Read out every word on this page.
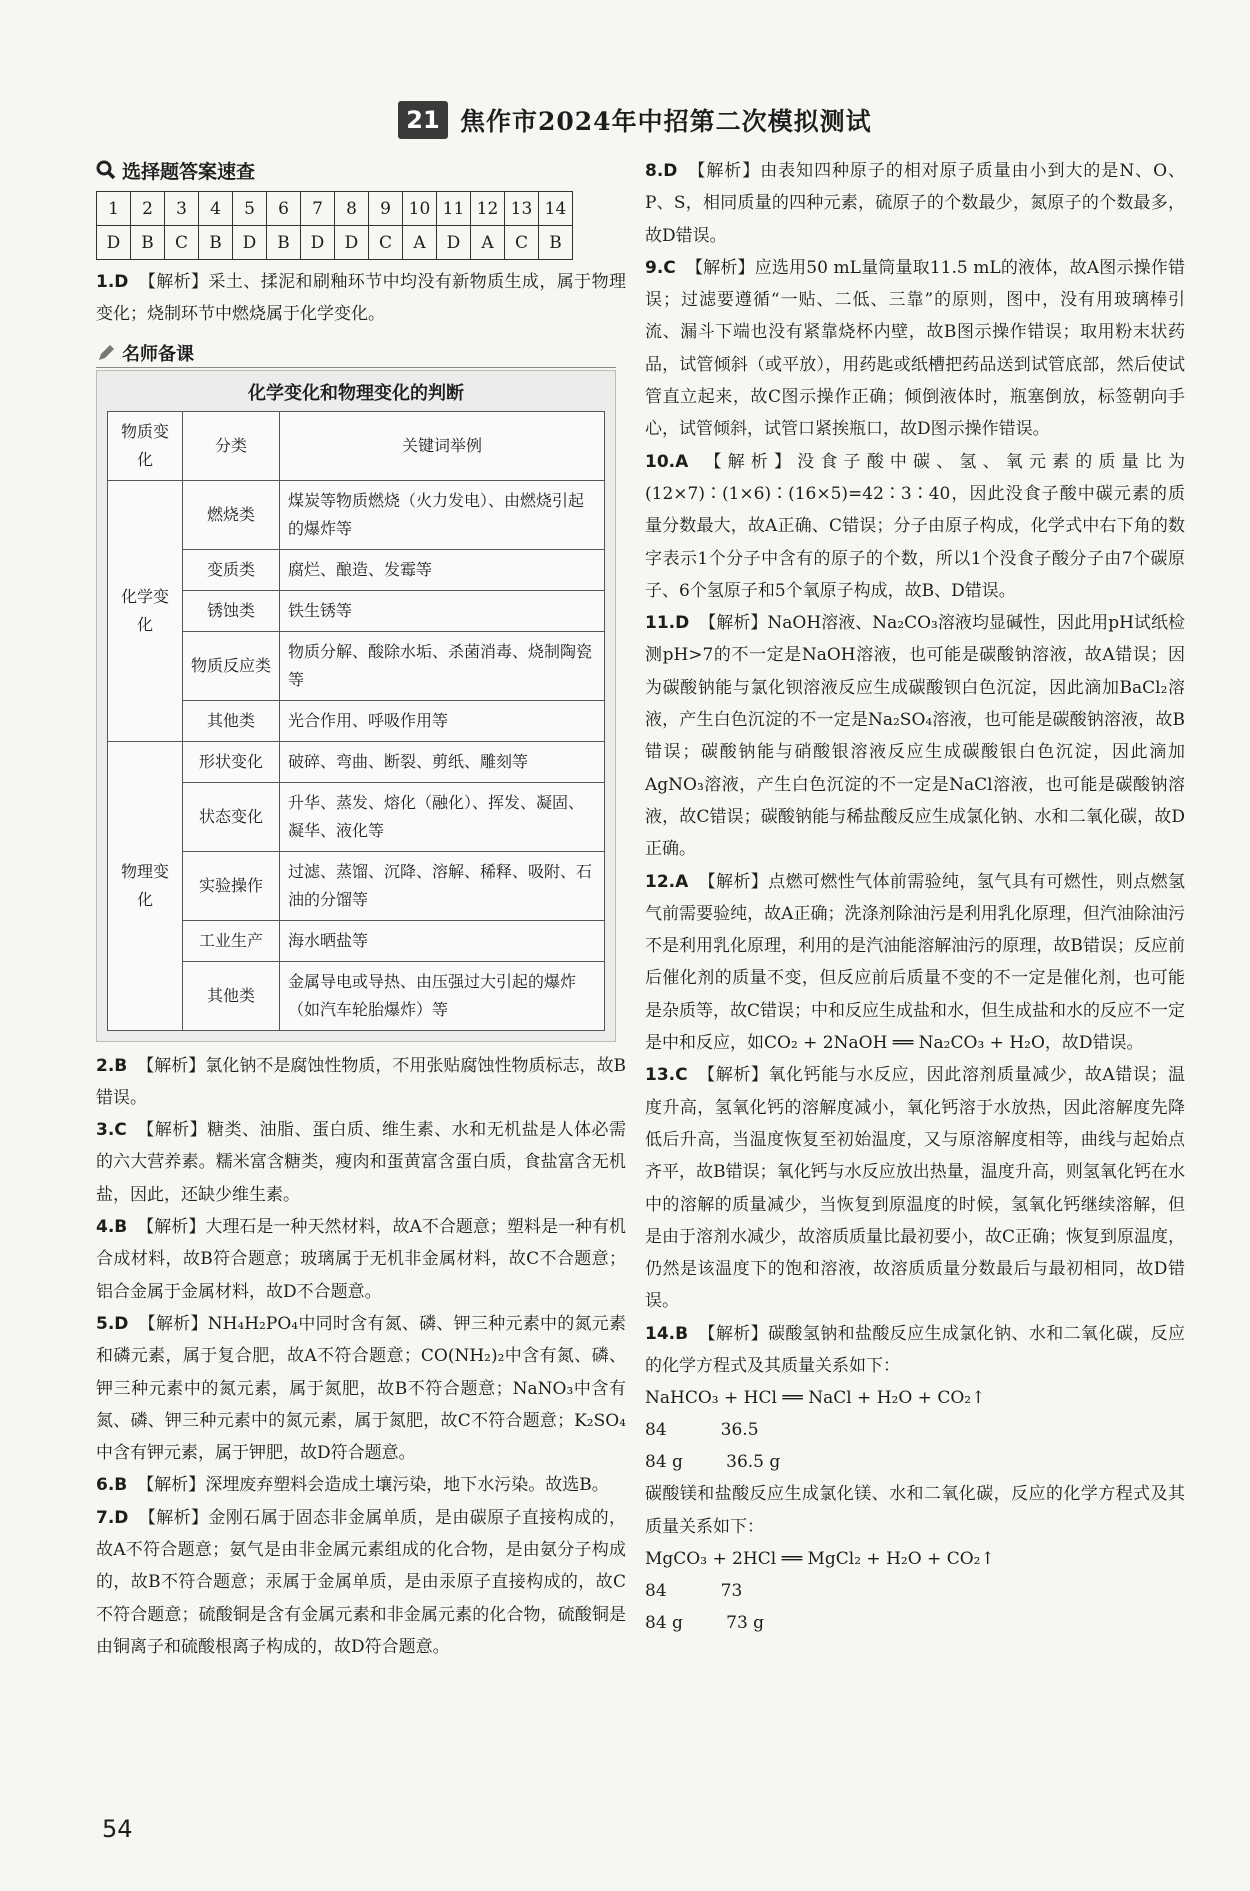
21 焦作市2024年中招第二次模拟测试
选择题答案速查
1	2	3	4	5	6	7	8	9	10	11	12	13	14
D	B	C	B	D	B	D	D	C	A	D	A	C	B

1.D 【解析】采土、揉泥和刷釉环节中均没有新物质生成，属于物理变化；烧制环节中燃烧属于化学变化。

名师备课
化学变化和物理变化的判断
物质变化	分类	关键词举例
化学变化	燃烧类	煤炭等物质燃烧（火力发电）、由燃烧引起的爆炸等
	变质类	腐烂、酿造、发霉等
	锈蚀类	铁生锈等
	物质反应类	物质分解、酸除水垢、杀菌消毒、烧制陶瓷等
	其他类	光合作用、呼吸作用等
物理变化	形状变化	破碎、弯曲、断裂、剪纸、雕刻等
	状态变化	升华、蒸发、熔化（融化）、挥发、凝固、凝华、液化等
	实验操作	过滤、蒸馏、沉降、溶解、稀释、吸附、石油的分馏等
	工业生产	海水晒盐等
	其他类	金属导电或导热、由压强过大引起的爆炸（如汽车轮胎爆炸）等

2.B 【解析】氯化钠不是腐蚀性物质，不用张贴腐蚀性物质标志，故B错误。

3.C 【解析】糖类、油脂、蛋白质、维生素、水和无机盐是人体必需的六大营养素。糯米富含糖类，瘦肉和蛋黄富含蛋白质，食盐富含无机盐，因此，还缺少维生素。

4.B 【解析】大理石是一种天然材料，故A不合题意；塑料是一种有机合成材料，故B符合题意；玻璃属于无机非金属材料，故C不合题意；铝合金属于金属材料，故D不合题意。

5.D 【解析】NH₄H₂PO₄中同时含有氮、磷、钾三种元素中的氮元素和磷元素，属于复合肥，故A不符合题意；CO(NH₂)₂中含有氮、磷、钾三种元素中的氮元素，属于氮肥，故B不符合题意；NaNO₃中含有氮、磷、钾三种元素中的氮元素，属于氮肥，故C不符合题意；K₂SO₄中含有钾元素，属于钾肥，故D符合题意。

6.B 【解析】深埋废弃塑料会造成土壤污染，地下水污染。故选B。

7.D 【解析】金刚石属于固态非金属单质，是由碳原子直接构成的，故A不符合题意；氨气是由非金属元素组成的化合物，是由氨分子构成的，故B不符合题意；汞属于金属单质，是由汞原子直接构成的，故C不符合题意；硫酸铜是含有金属元素和非金属元素的化合物，硫酸铜是由铜离子和硫酸根离子构成的，故D符合题意。

8.D 【解析】由表知四种原子的相对原子质量由小到大的是N、O、P、S，相同质量的四种元素，硫原子的个数最少，氮原子的个数最多，故D错误。

9.C 【解析】应选用50 mL量筒量取11.5 mL的液体，故A图示操作错误；过滤要遵循“一贴、二低、三靠”的原则，图中，没有用玻璃棒引流、漏斗下端也没有紧靠烧杯内壁，故B图示操作错误；取用粉末状药品，试管倾斜（或平放），用药匙或纸槽把药品送到试管底部，然后使试管直立起来，故C图示操作正确；倾倒液体时，瓶塞倒放，标签朝向手心，试管倾斜，试管口紧挨瓶口，故D图示操作错误。

10.A 【解析】没食子酸中碳、氢、氧元素的质量比为(12×7)∶(1×6)∶(16×5)=42∶3∶40，因此没食子酸中碳元素的质量分数最大，故A正确、C错误；分子由原子构成，化学式中右下角的数字表示1个分子中含有的原子的个数，所以1个没食子酸分子由7个碳原子、6个氢原子和5个氧原子构成，故B、D错误。

11.D 【解析】NaOH溶液、Na₂CO₃溶液均显碱性，因此用pH试纸检测pH>7的不一定是NaOH溶液，也可能是碳酸钠溶液，故A错误；因为碳酸钠能与氯化钡溶液反应生成碳酸钡白色沉淀，因此滴加BaCl₂溶液，产生白色沉淀的不一定是Na₂SO₄溶液，也可能是碳酸钠溶液，故B错误；碳酸钠能与硝酸银溶液反应生成碳酸银白色沉淀，因此滴加AgNO₃溶液，产生白色沉淀的不一定是NaCl溶液，也可能是碳酸钠溶液，故C错误；碳酸钠能与稀盐酸反应生成氯化钠、水和二氧化碳，故D正确。

12.A 【解析】点燃可燃性气体前需验纯，氢气具有可燃性，则点燃氢气前需要验纯，故A正确；洗涤剂除油污是利用乳化原理，但汽油除油污不是利用乳化原理，利用的是汽油能溶解油污的原理，故B错误；反应前后催化剂的质量不变，但反应前后质量不变的不一定是催化剂，也可能是杂质等，故C错误；中和反应生成盐和水，但生成盐和水的反应不一定是中和反应，如CO₂ + 2NaOH ══ Na₂CO₃ + H₂O，故D错误。

13.C 【解析】氧化钙能与水反应，因此溶剂质量减少，故A错误；温度升高，氢氧化钙的溶解度减小，氧化钙溶于水放热，因此溶解度先降低后升高，当温度恢复至初始温度，又与原溶解度相等，曲线与起始点齐平，故B错误；氧化钙与水反应放出热量，温度升高，则氢氧化钙在水中的溶解的质量减少，当恢复到原温度的时候，氢氧化钙继续溶解，但是由于溶剂水减少，故溶质质量比最初要小，故C正确；恢复到原温度，仍然是该温度下的饱和溶液，故溶质质量分数最后与最初相同，故D错误。

14.B 【解析】碳酸氢钠和盐酸反应生成氯化钠、水和二氧化碳，反应的化学方程式及其质量关系如下：

NaHCO₃ + HCl ══ NaCl + H₂O + CO₂↑

84          36.5

84 g        36.5 g

碳酸镁和盐酸反应生成氯化镁、水和二氧化碳，反应的化学方程式及其质量关系如下：

MgCO₃ + 2HCl ══ MgCl₂ + H₂O + CO₂↑

84          73

84 g        73 g

54
